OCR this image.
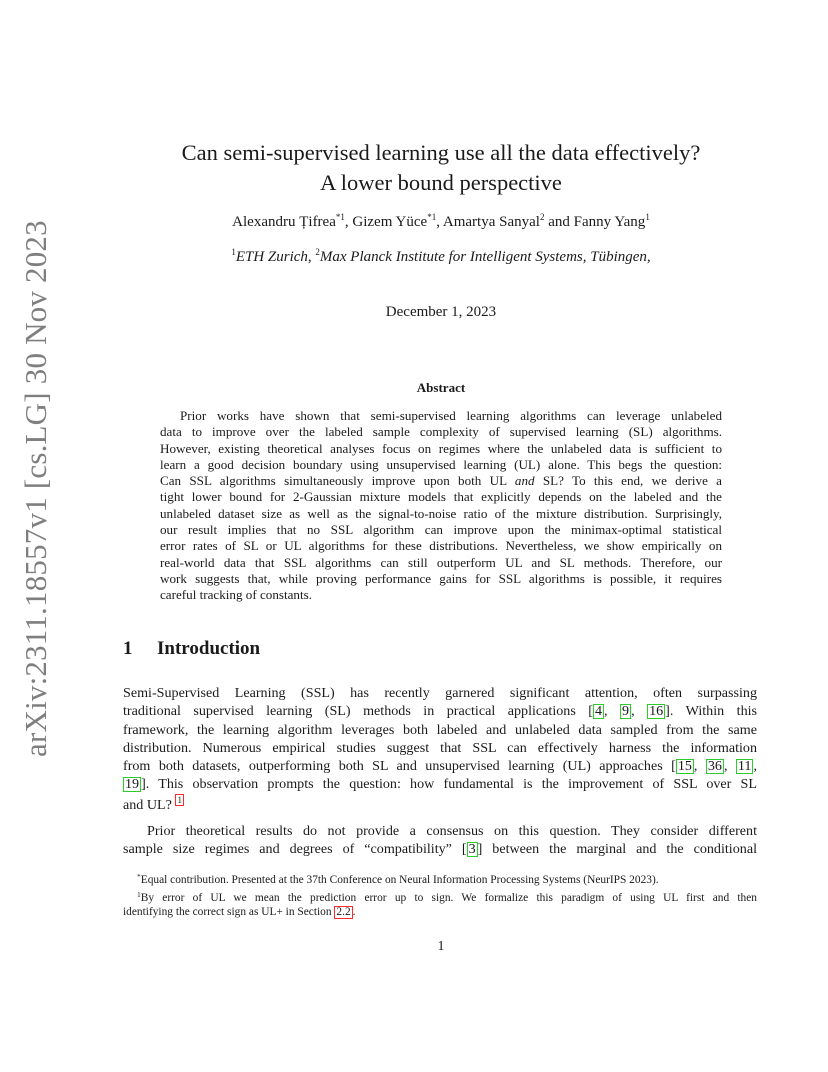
arXiv:2311.18557v1 [cs.LG] 30 Nov 2023
Can semi-supervised learning use all the data effectively?
A lower bound perspective
Alexandru Țifrea$^{*1}$, Gizem Yüce$^{*1}$, Amartya Sanyal$^2$ and Fanny Yang$^1$
$^1$ETH Zurich, $^2$Max Planck Institute for Intelligent Systems, Tübingen,
December 1, 2023
Abstract
Prior works have shown that semi-supervised learning algorithms can leverage unlabeled
data to improve over the labeled sample complexity of supervised learning (SL) algorithms.
However, existing theoretical analyses focus on regimes where the unlabeled data is sufficient to
learn a good decision boundary using unsupervised learning (UL) alone. This begs the question:
Can SSL algorithms simultaneously improve upon both UL and SL? To this end, we derive a
tight lower bound for 2-Gaussian mixture models that explicitly depends on the labeled and the
unlabeled dataset size as well as the signal-to-noise ratio of the mixture distribution. Surprisingly,
our result implies that no SSL algorithm can improve upon the minimax-optimal statistical
error rates of SL or UL algorithms for these distributions. Nevertheless, we show empirically on
real-world data that SSL algorithms can still outperform UL and SL methods. Therefore, our
work suggests that, while proving performance gains for SSL algorithms is possible, it requires
careful tracking of constants.
1 Introduction
Semi-Supervised Learning (SSL) has recently garnered significant attention, often surpassing
traditional supervised learning (SL) methods in practical applications [ 4 , 9 , 16 ]. Within this
framework, the learning algorithm leverages both labeled and unlabeled data sampled from the same
distribution. Numerous empirical studies suggest that SSL can effectively harness the information
from both datasets, outperforming both SL and unsupervised learning (UL) approaches [ 15 , 36 , 11 ,
19 ]. This observation prompts the question: how fundamental is the improvement of SSL over SL
and UL? 1
Prior theoretical results do not provide a consensus on this question. They consider different
sample size regimes and degrees of “compatibility” [ 3 ] between the marginal and the conditional
*Equal contribution. Presented at the 37th Conference on Neural Information Processing Systems (NeurIPS 2023).
$^1$By error of UL we mean the prediction error up to sign. We formalize this paradigm of using UL first and then
identifying the correct sign as UL+ in Section 2.2 .
1
